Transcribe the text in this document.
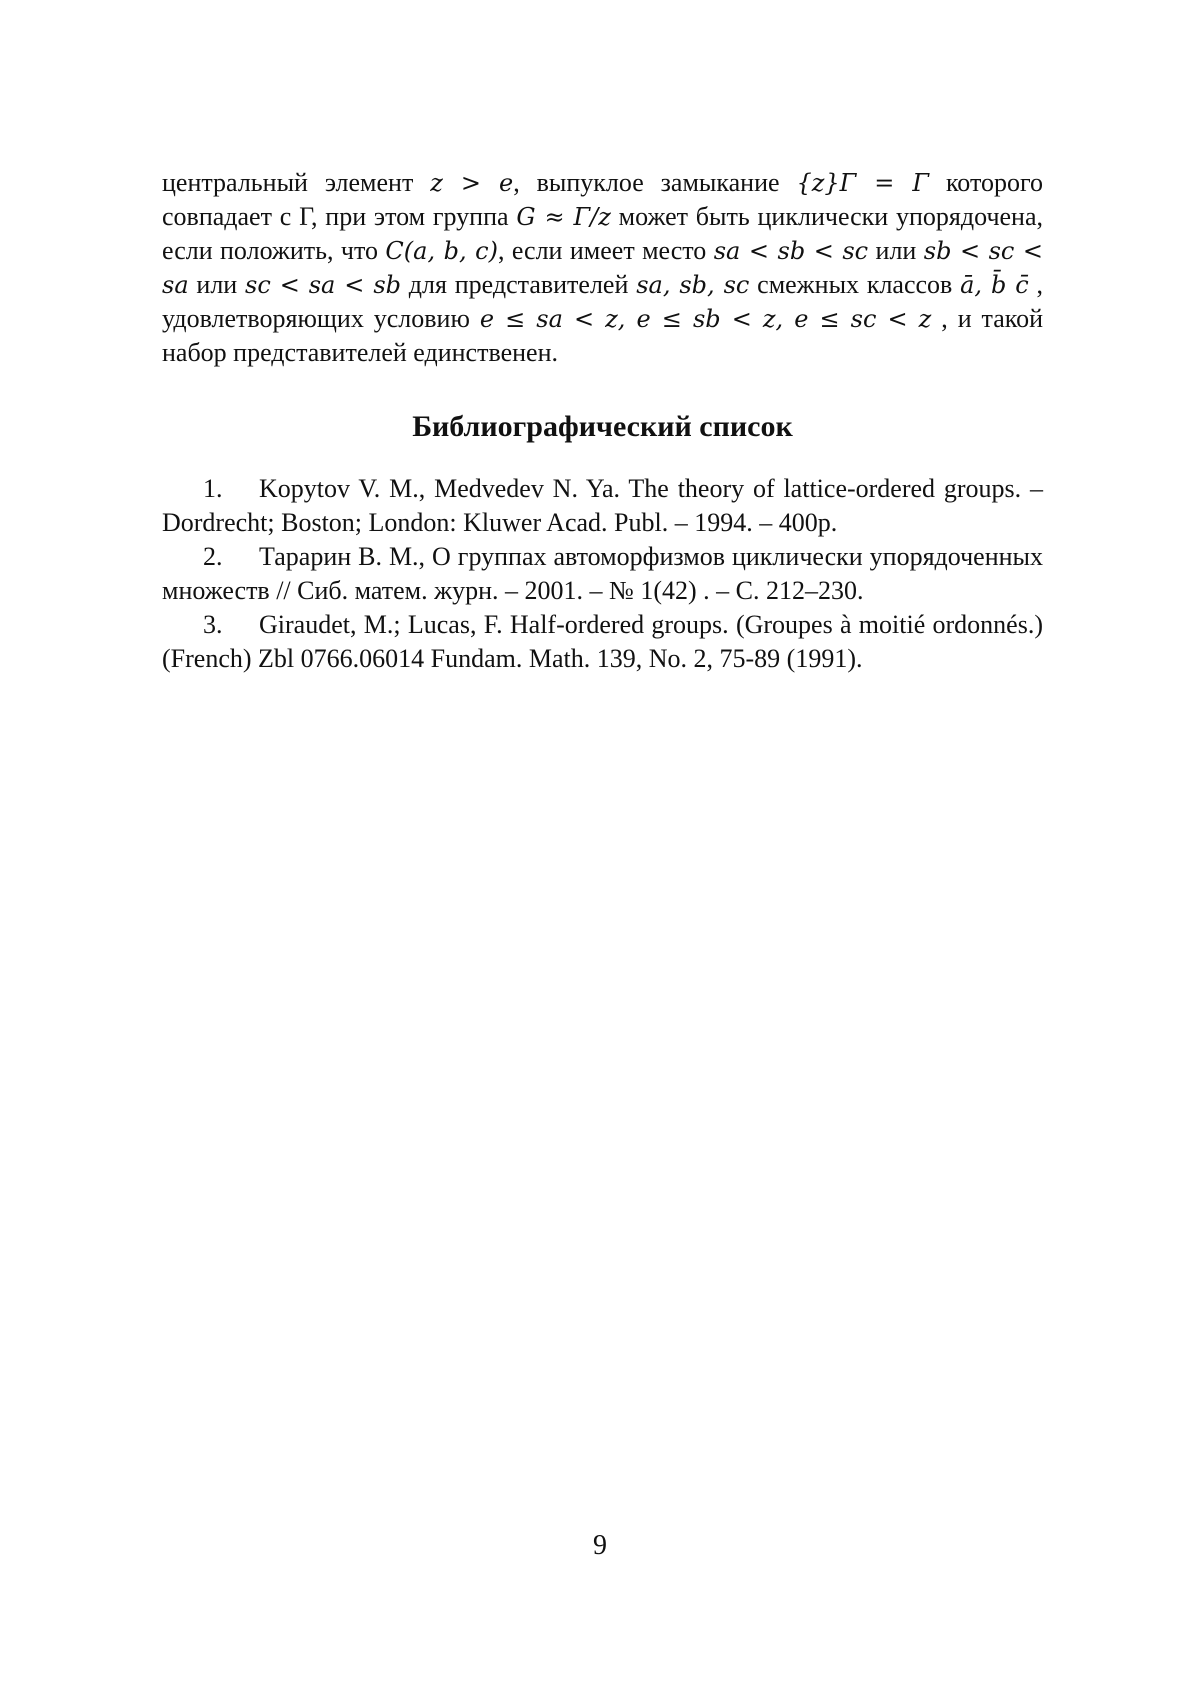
центральный элемент z > e, выпуклое замыкание {z}Γ = Γ которого совпадает с Γ, при этом группа G ≈ Γ/z может быть циклически упорядочена, если положить, что C(a, b, c), если имеет место sa < sb < sc или sb < sc < sa или sc < sa < sb для представителей sa, sb, sc смежных классов ā, b̄ c̄ , удовлетворяющих условию e ≤ sa < z, e ≤ sb < z, e ≤ sc < z , и такой набор представителей единственен.

Библиографический список
1. Kopytov V. M., Medvedev N. Ya. The theory of lattice-ordered groups. – Dordrecht; Boston; London: Kluwer Acad. Publ. – 1994. – 400p.
2. Тарарин В. М., О группах автоморфизмов циклически упорядоченных множеств // Сиб. матем. журн. – 2001. – № 1(42) . – С. 212–230.
3. Giraudet, M.; Lucas, F. Half-ordered groups. (Groupes à moitié ordonnés.) (French) Zbl 0766.06014 Fundam. Math. 139, No. 2, 75-89 (1991).
9
